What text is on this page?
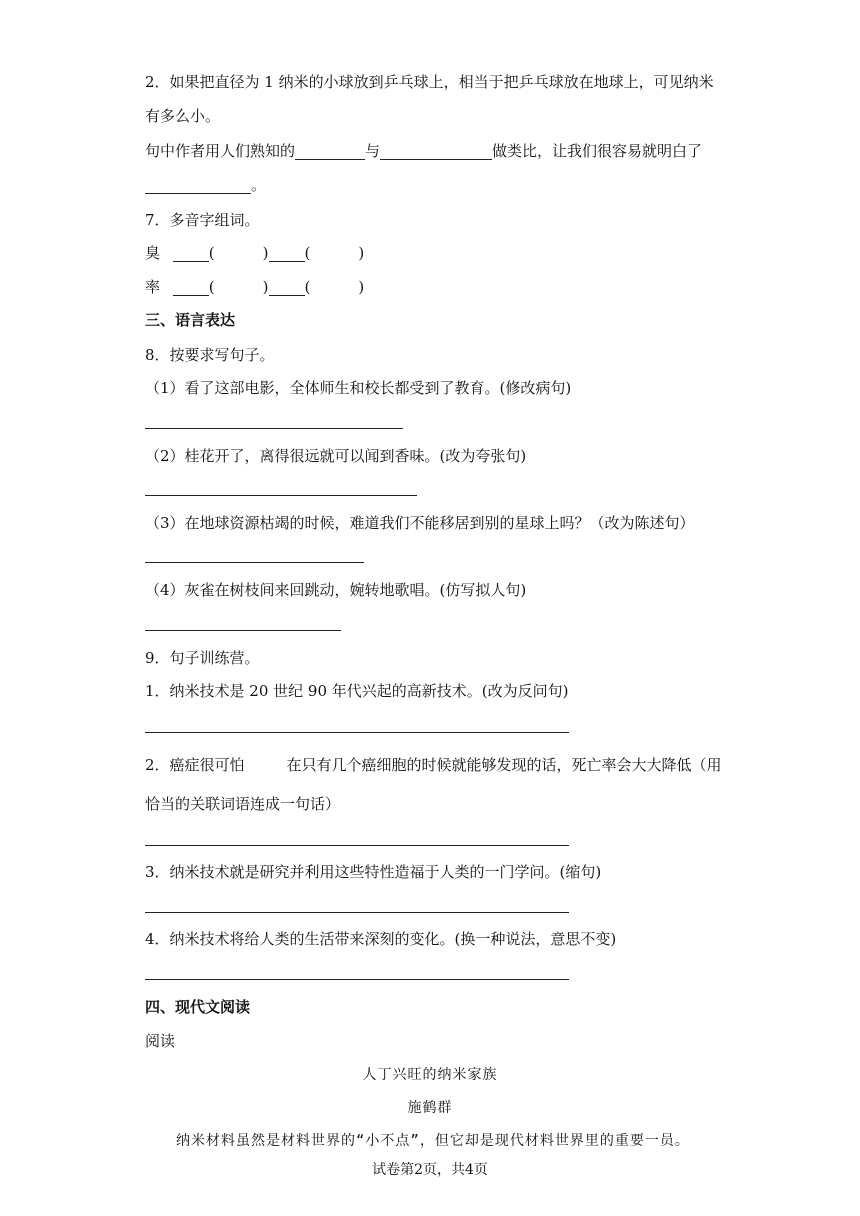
2．如果把直径为 1 纳米的小球放到乒乓球上，相当于把乒乓球放在地球上，可见纳米
有多么小。
句中作者用人们熟知的	与	做类比，让我们很容易就明白了
。
7．多音字组词。
臭	(	) (	)
率	(	) (	)
三、语言表达
8．按要求写句子。
（1）看了这部电影，全体师生和校长都受到了教育。(修改病句)
（2）桂花开了，离得很远就可以闻到香味。(改为夸张句)
（3）在地球资源枯竭的时候，难道我们不能移居到别的星球上吗？（改为陈述句）
（4）灰雀在树枝间来回跳动，婉转地歌唱。(仿写拟人句)
9．句子训练营。
1．纳米技术是 20 世纪 90 年代兴起的高新技术。(改为反问句)
2．癌症很可怕	在只有几个癌细胞的时候就能够发现的话，死亡率会大大降低（用
恰当的关联词语连成一句话）
3．纳米技术就是研究并利用这些特性造福于人类的一门学问。(缩句)
4．纳米技术将给人类的生活带来深刻的变化。(换一种说法，意思不变)
四、现代文阅读
阅读
人丁兴旺的纳米家族
施鹤群
纳米材料虽然是材料世界的“小不点”，但它却是现代材料世界里的重要一员。
试卷第2页，共4页
